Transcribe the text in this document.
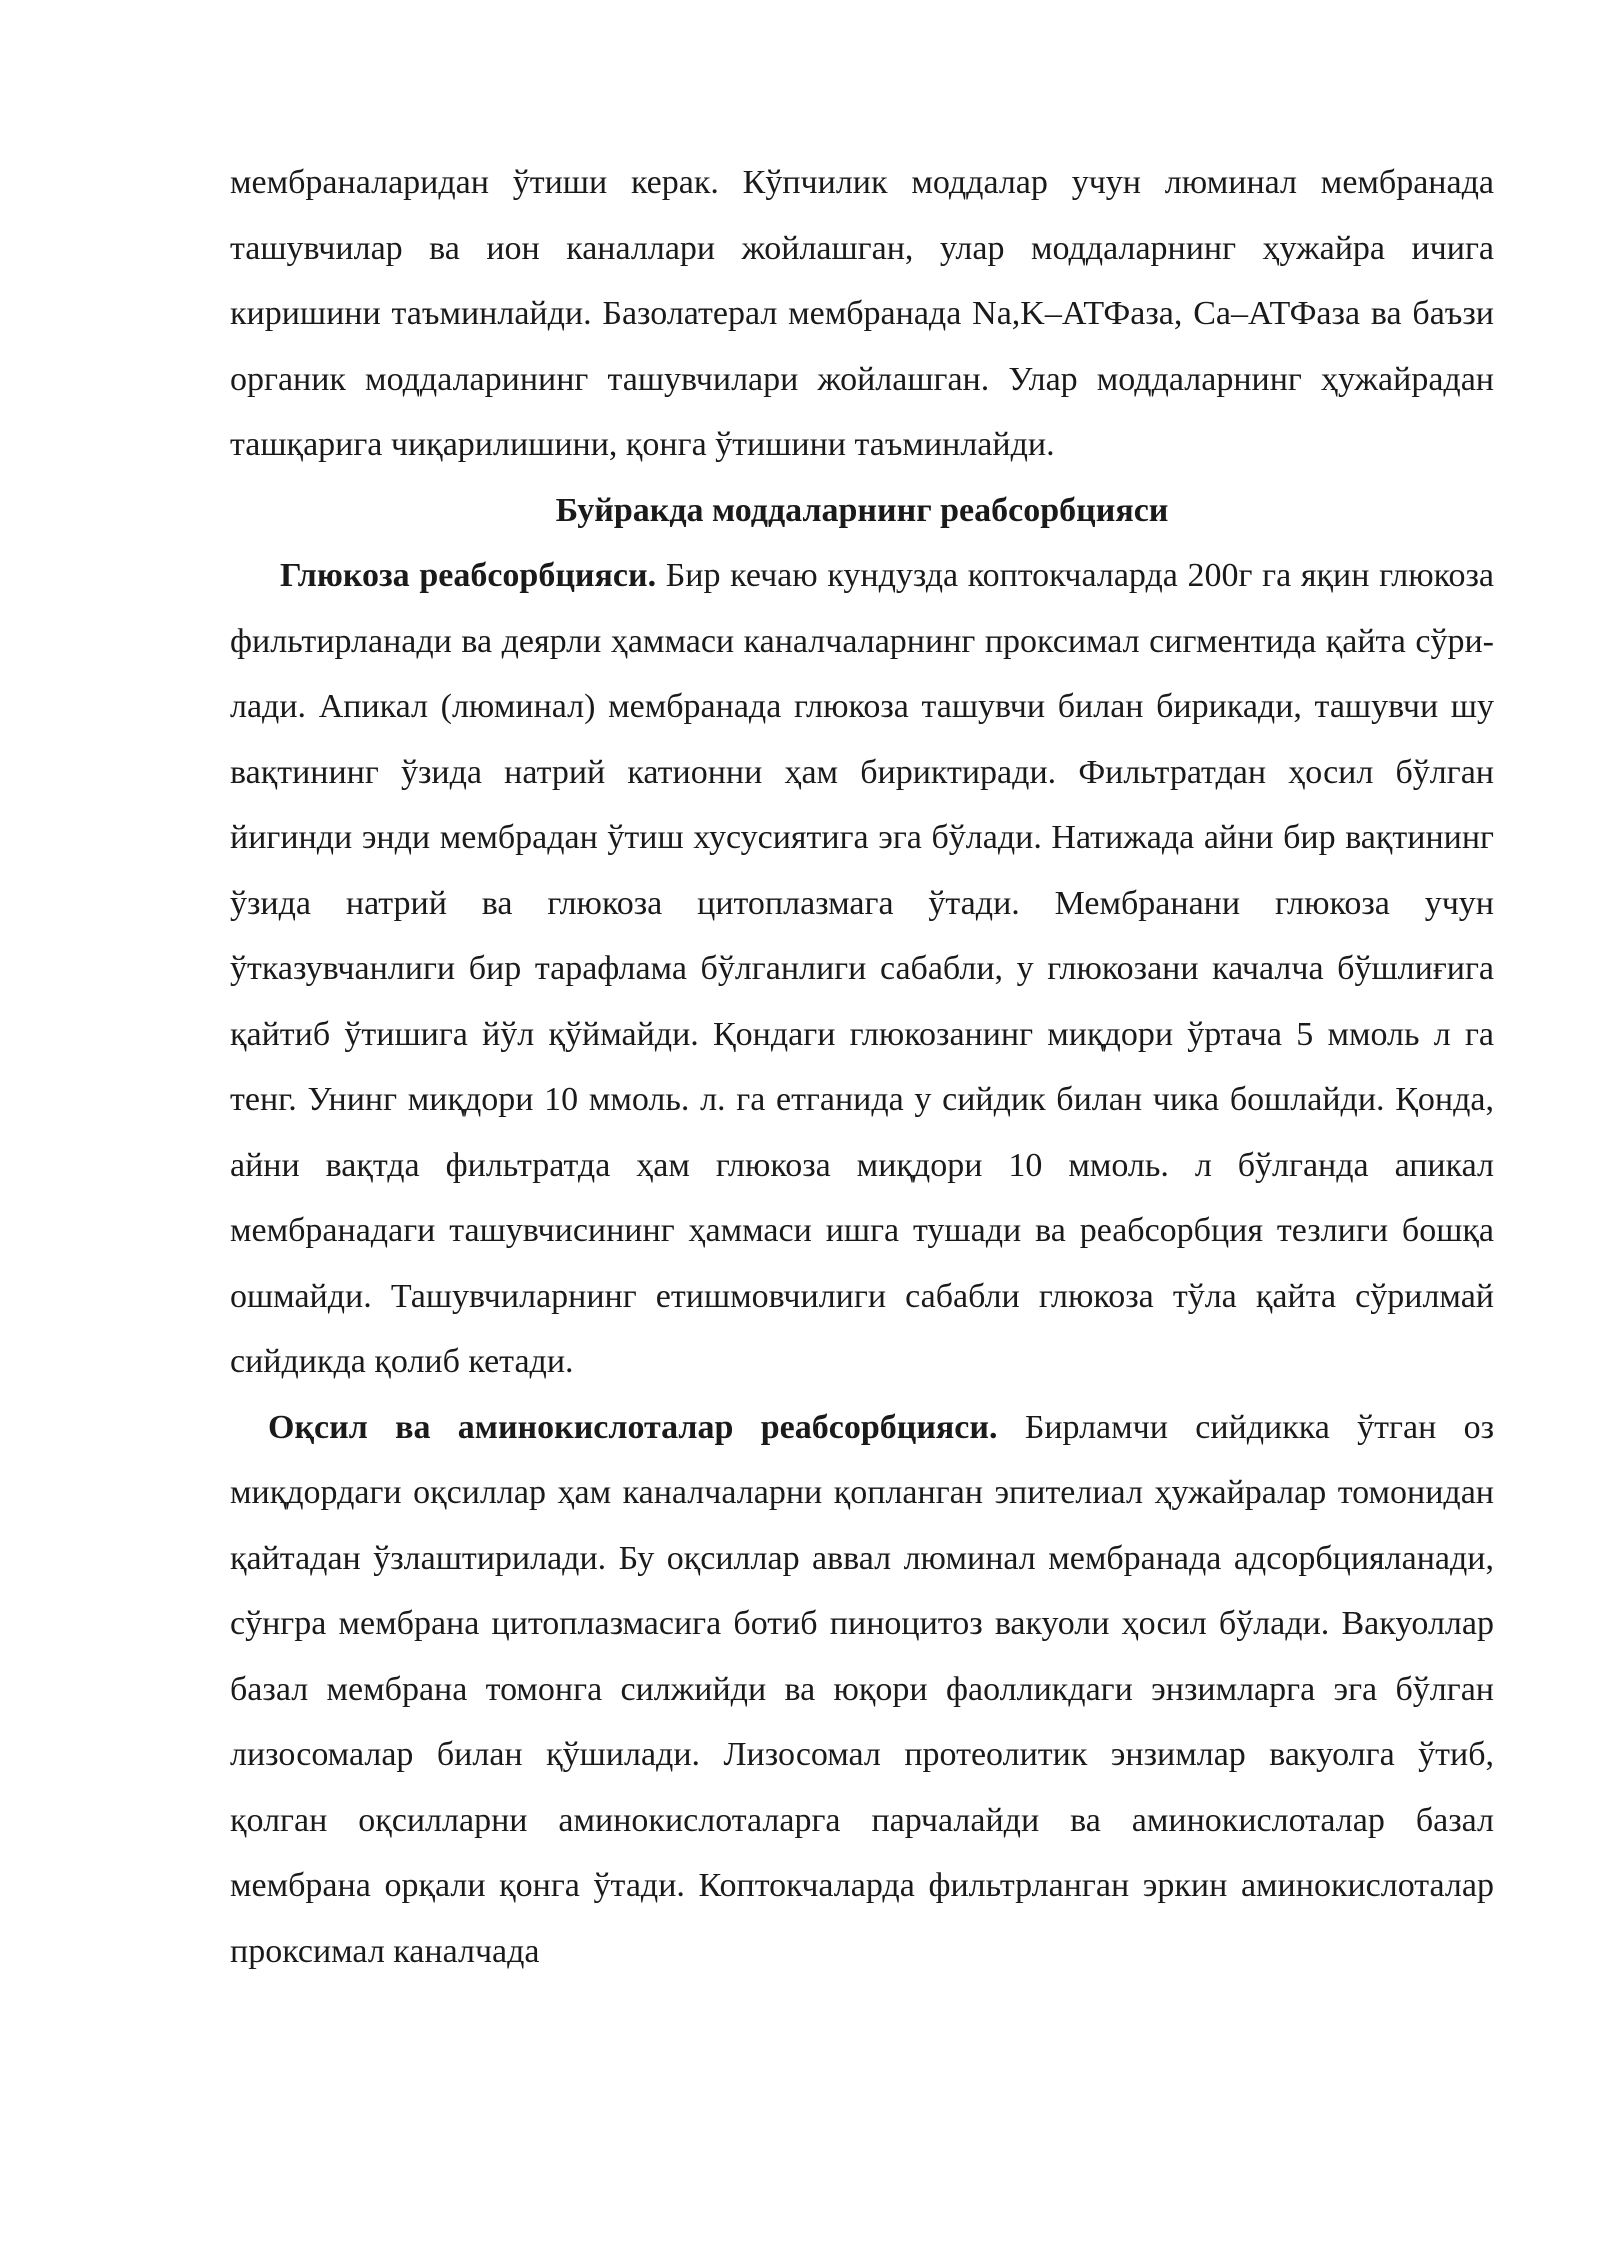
мембраналаридан ўтиши керак. Кўпчилик моддалар учун люминал мембранада ташувчилар ва ион каналлари жойлашган, улар моддаларнинг ҳужайра ичига киришини таъминлайди. Базолатерал мембранада Na,K–АТФаза, Ca–АТФаза ва баъзи органик моддаларининг ташувчилари жойлашган. Улар моддаларнинг ҳужайрадан ташқарига чиқарилишини, қонга ўтишини таъминлайди.

Буйракда моддаларнинг реабсорбцияси

Глюкоза реабсорбцияси. Бир кечаю кундузда коптокчаларда 200г га яқин глюкоза фильтирланади ва деярли ҳаммаси каналчаларнинг проксимал сигментида қайта сўри-лади. Апикал (люминал) мембранада глюкоза ташувчи билан бирикади, ташувчи шу вақтининг ўзида натрий катионни ҳам бириктиради. Фильтратдан ҳосил бўлган йигинди энди мембрадан ўтиш хусусиятига эга бўлади. Натижада айни бир вақтининг ўзида натрий ва глюкоза цитоплазмага ўтади. Мембранани глюкоза учун ўтказувчанлиги бир тарафлама бўлганлиги сабабли, у глюкозани качалча бўшлиғига қайтиб ўтишига йўл қўймайди. Қондаги глюкозанинг миқдори ўртача 5 ммоль л га тенг. Унинг миқдори 10 ммоль. л. га етганида у сийдик билан чика бошлайди. Қонда, айни вақтда фильтратда ҳам глюкоза миқдори 10 ммоль. л бўлганда апикал мембранадаги ташувчисининг ҳаммаси ишга тушади ва реабсорбция тезлиги бошқа ошмайди. Ташувчиларнинг етишмовчилиги сабабли глюкоза тўла қайта сўрилмай сийдикда қолиб кетади.

Оқсил ва аминокислоталар реабсорбцияси. Бирламчи сийдикка ўтган оз миқдордаги оқсиллар ҳам каналчаларни қопланган эпителиал ҳужайралар томонидан қайтадан ўзлаштирилади. Бу оқсиллар аввал люминал мембранада адсорбцияланади, сўнгра мембрана цитоплазмасига ботиб пиноцитоз вакуоли ҳосил бўлади. Вакуоллар базал мембрана томонга силжийди ва юқори фаолликдаги энзимларга эга бўлган лизосомалар билан қўшилади. Лизосомал протеолитик энзимлар вакуолга ўтиб, қолган оқсилларни аминокислоталарга парчалайди ва аминокислоталар базал мембрана орқали қонга ўтади. Коптокчаларда фильтрланган эркин аминокислоталар проксимал каналчада
